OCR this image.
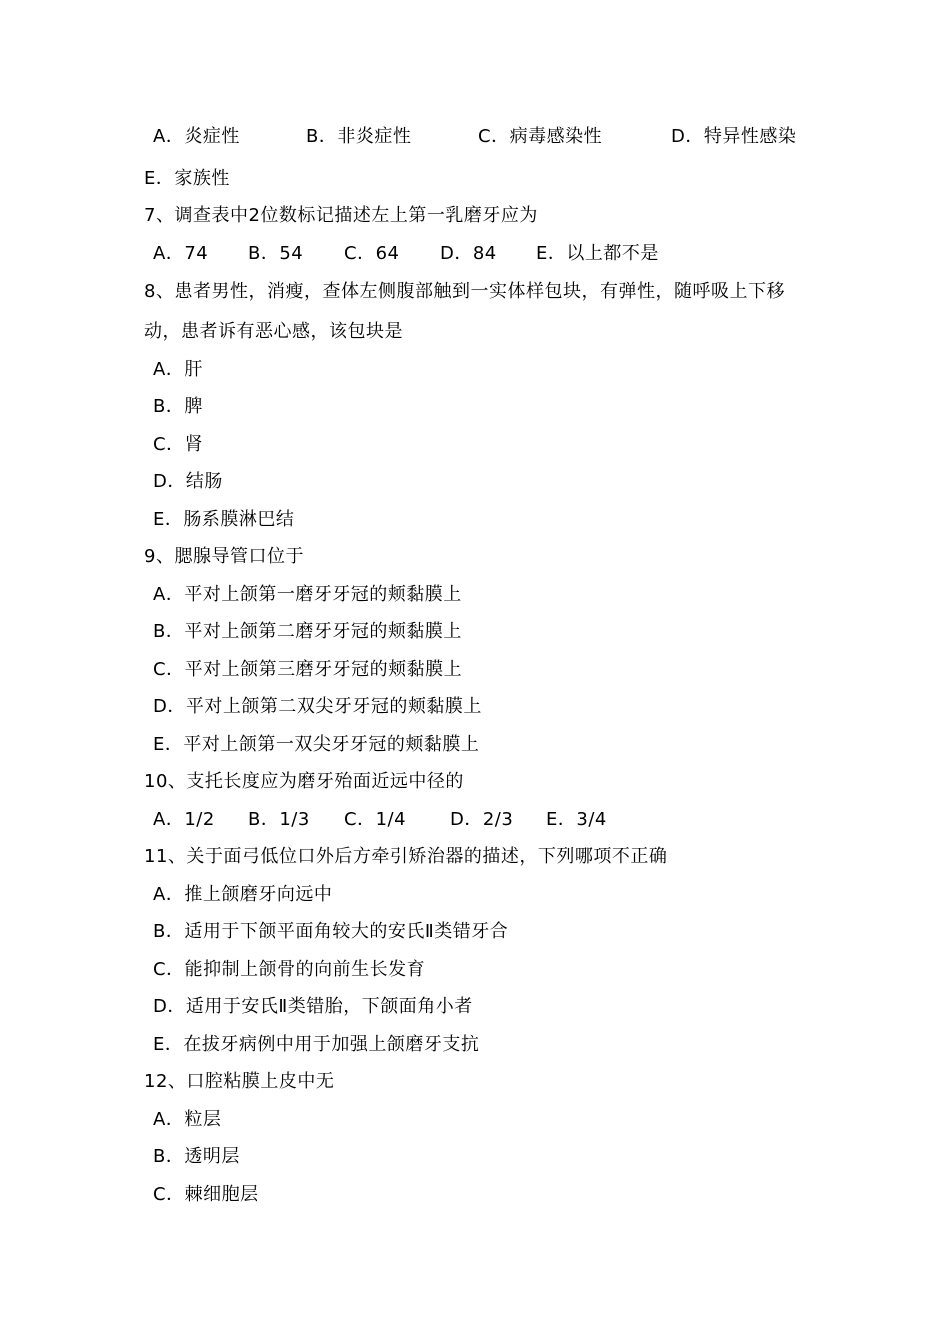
A．炎症性	B．非炎症性	C．病毒感染性	D．特异性感染
E．家族性
7、调查表中2位数标记描述左上第一乳磨牙应为
A．74 B．54 C．64 D．84 E．以上都不是
8、患者男性，消瘦，查体左侧腹部触到一实体样包块，有弹性，随呼吸上下移
动，患者诉有恶心感，该包块是
A．肝
B．脾
C．肾
D．结肠
E．肠系膜淋巴结
9、腮腺导管口位于
A．平对上颌第一磨牙牙冠的颊黏膜上
B．平对上颌第二磨牙牙冠的颊黏膜上
C．平对上颌第三磨牙牙冠的颊黏膜上
D．平对上颌第二双尖牙牙冠的颊黏膜上
E．平对上颌第一双尖牙牙冠的颊黏膜上
10、支托长度应为磨牙殆面近远中径的
A．1/2 B．1/3 C．1/4 D．2/3 E．3/4
11、关于面弓低位口外后方牵引矫治器的描述，下列哪项不正确
A．推上颌磨牙向远中
B．适用于下颌平面角较大的安氏Ⅱ类错牙合
C．能抑制上颌骨的向前生长发育
D．适用于安氏Ⅱ类错胎，下颌面角小者
E．在拔牙病例中用于加强上颌磨牙支抗
12、口腔粘膜上皮中无
A．粒层
B．透明层
C．棘细胞层
